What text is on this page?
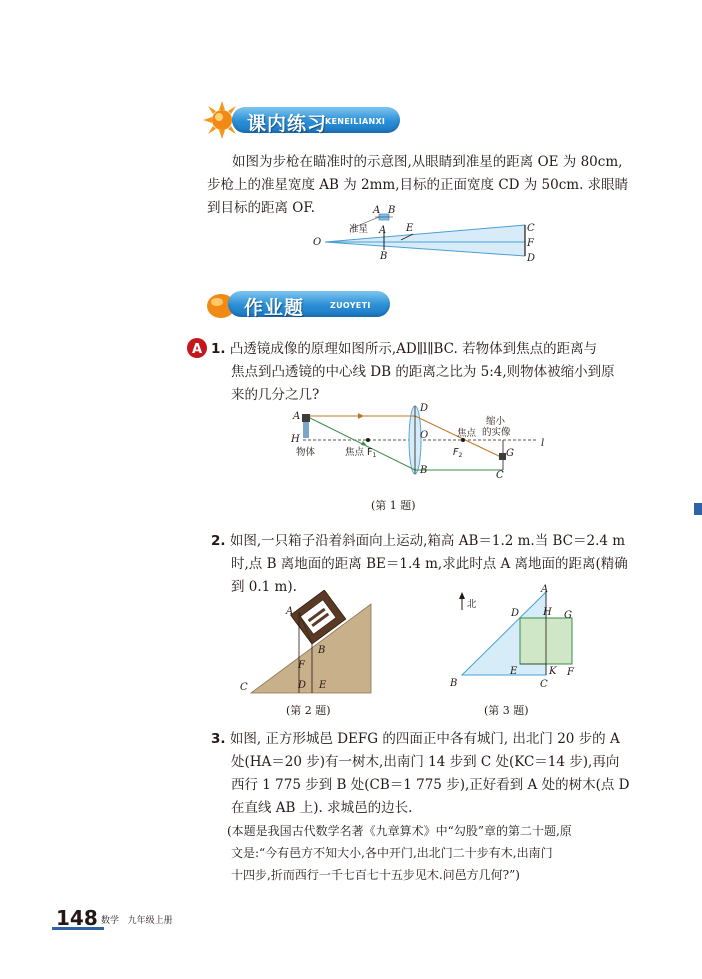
课内练习
KENEILIANXI
如图为步枪在瞄准时的示意图,从眼睛到准星的距离 OE 为 80cm,
步枪上的准星宽度 AB 为 2mm,目标的正面宽度 CD 为 50cm. 求眼睛
到目标的距离 OF.
准星
A B
A
B
O
E	C
F
D
作业题	ZUOYETI
A 1. 凸透镜成像的原理如图所示,AD∥l∥BC. 若物体到焦点的距离与
焦点到凸透镜的中心线 DB 的距离之比为 5:4,则物体被缩小到原
来的几分之几?
A
H
物体	焦点 $F_1$
D
O
B
焦点
$F_2$
缩小
的实像
G
C
l
(第 1 题)
2. 如图,一只箱子沿着斜面向上运动,箱高 AB＝1.2 m.当 BC＝2.4 m
时,点 B 离地面的距离 BE＝1.4 m,求此时点 A 离地面的距离(精确
到 0.1 m).
A
B
C	D E
F
(第 2 题)
北
A
D H G
E	K F
B	C
(第 3 题)
3. 如图, 正方形城邑 DEFG 的四面正中各有城门, 出北门 20 步的 A
处(HA＝20 步)有一树木,出南门 14 步到 C 处(KC＝14 步),再向
西行 1 775 步到 B 处(CB＝1 775 步),正好看到 A 处的树木(点 D
在直线 AB 上). 求城邑的边长.
(本题是我国古代数学名著《九章算术》中“勾股”章的第二十题,原
文是:“今有邑方不知大小,各中开门,出北门二十步有木,出南门
十四步,折而西行一千七百七十五步见木.问邑方几何?”)
148 数学   九年级上册
